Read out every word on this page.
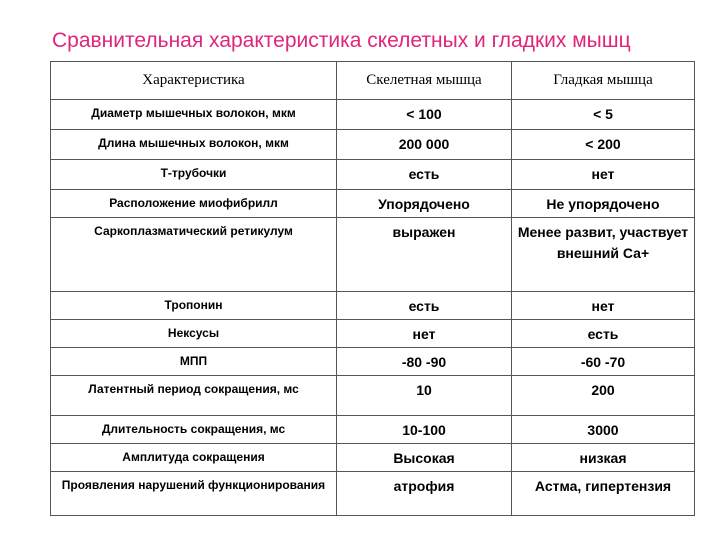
Сравнительная характеристика скелетных и гладких мышц
Характеристика	Скелетная мышца	Гладкая мышца
Диаметр мышечных волокон, мкм	< 100	< 5
Длина мышечных волокон, мкм	200 000	< 200
Т-трубочки	есть	нет
Расположение миофибрилл	Упорядочено	Не упорядочено
Саркоплазматический ретикулум	выражен	Менее развит, участвует внешний Са+
Тропонин	есть	нет
Нексусы	нет	есть
МПП	-80 -90	-60 -70
Латентный период сокращения, мс	10	200
Длительность сокращения, мс	10-100	3000
Амплитуда сокращения	Высокая	низкая
Проявления нарушений функционирования	атрофия	Астма, гипертензия
